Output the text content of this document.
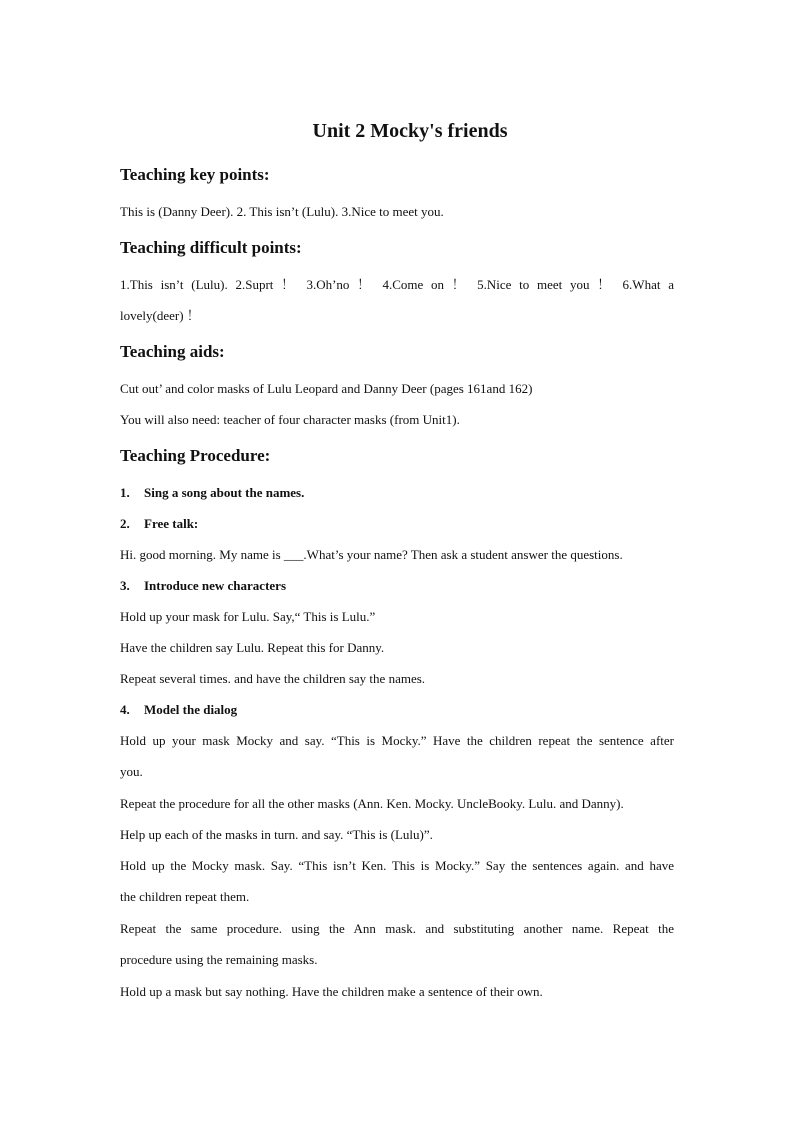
Unit 2 Mocky's friends
Teaching key points:

This is (Danny Deer). 2. This isn’t (Lulu). 3.Nice to meet you.

Teaching difficult points:

1.This isn’t (Lulu). 2.Suprt ！ 3.Oh’no ！ 4.Come on ！ 5.Nice to meet you ！ 6.What a

lovely(deer) ！

Teaching aids:

Cut out’ and color masks of Lulu Leopard and Danny Deer (pages 161and 162)

You will also need: teacher of four character masks (from Unit1).

Teaching Procedure:

1. Sing a song about the names.

2. Free talk:

Hi. good morning. My name is ___.What’s your name? Then ask a student answer the questions.

3. Introduce new characters

Hold up your mask for Lulu. Say,“ This is Lulu.”

Have the children say Lulu. Repeat this for Danny.

Repeat several times. and have the children say the names.

4. Model the dialog

Hold up your mask Mocky and say. “This is Mocky.” Have the children repeat the sentence after

you.

Repeat the procedure for all the other masks (Ann. Ken. Mocky. UncleBooky. Lulu. and Danny).

Help up each of the masks in turn. and say. “This is (Lulu)”.

Hold up the Mocky mask. Say. “This isn’t Ken. This is Mocky.” Say the sentences again. and have

the children repeat them.

Repeat the same procedure. using the Ann mask. and substituting another name. Repeat the

procedure using the remaining masks.

Hold up a mask but say nothing. Have the children make a sentence of their own.
